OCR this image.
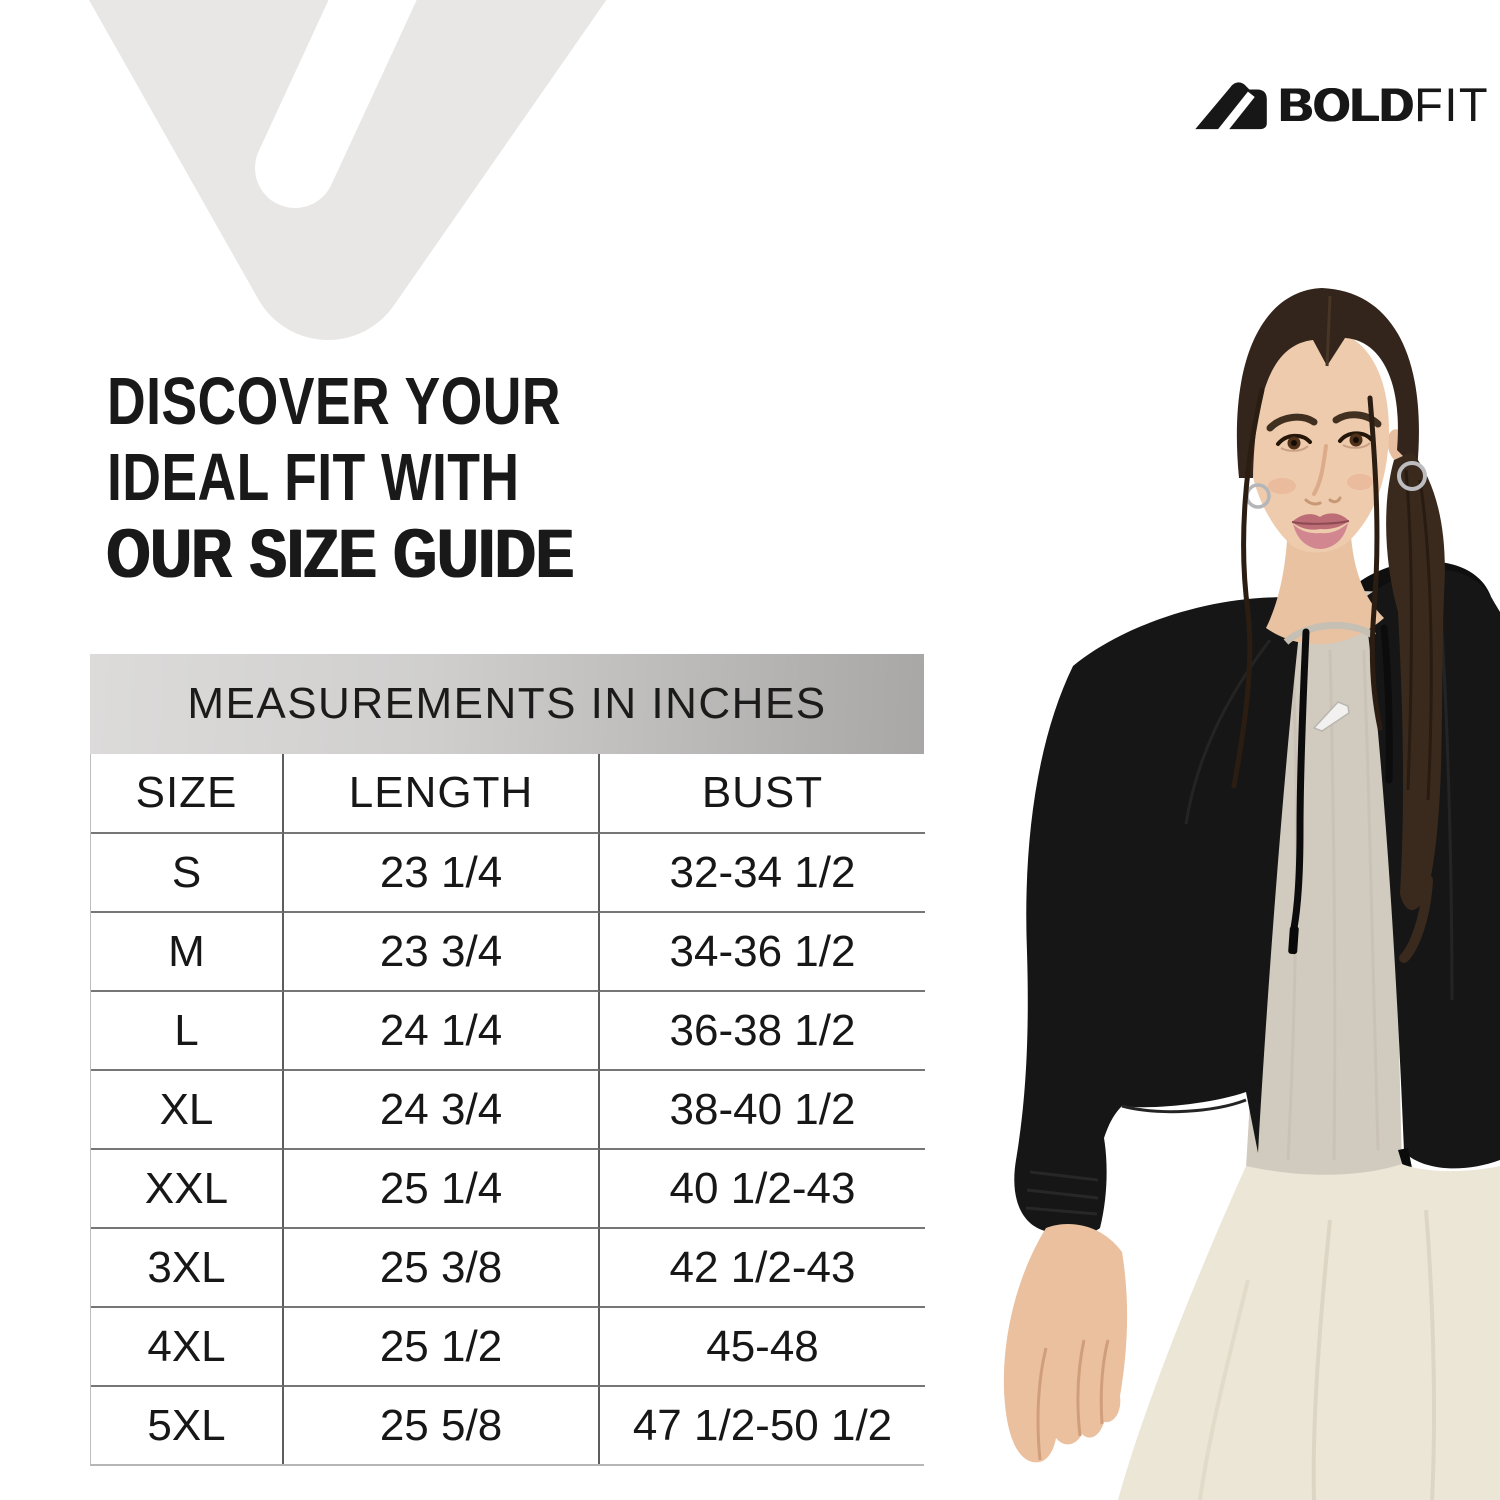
BOLD FIT
DISCOVER YOUR
IDEAL FIT WITH
OUR SIZE GUIDE
MEASUREMENTS IN INCHES
SIZE	LENGTH	BUST
S	23 1/4	32-34 1/2
M	23 3/4	34-36 1/2
L	24 1/4	36-38 1/2
XL	24 3/4	38-40 1/2
XXL	25 1/4	40 1/2-43
3XL	25 3/8	42 1/2-43
4XL	25 1/2	45-48
5XL	25 5/8	47 1/2-50 1/2
